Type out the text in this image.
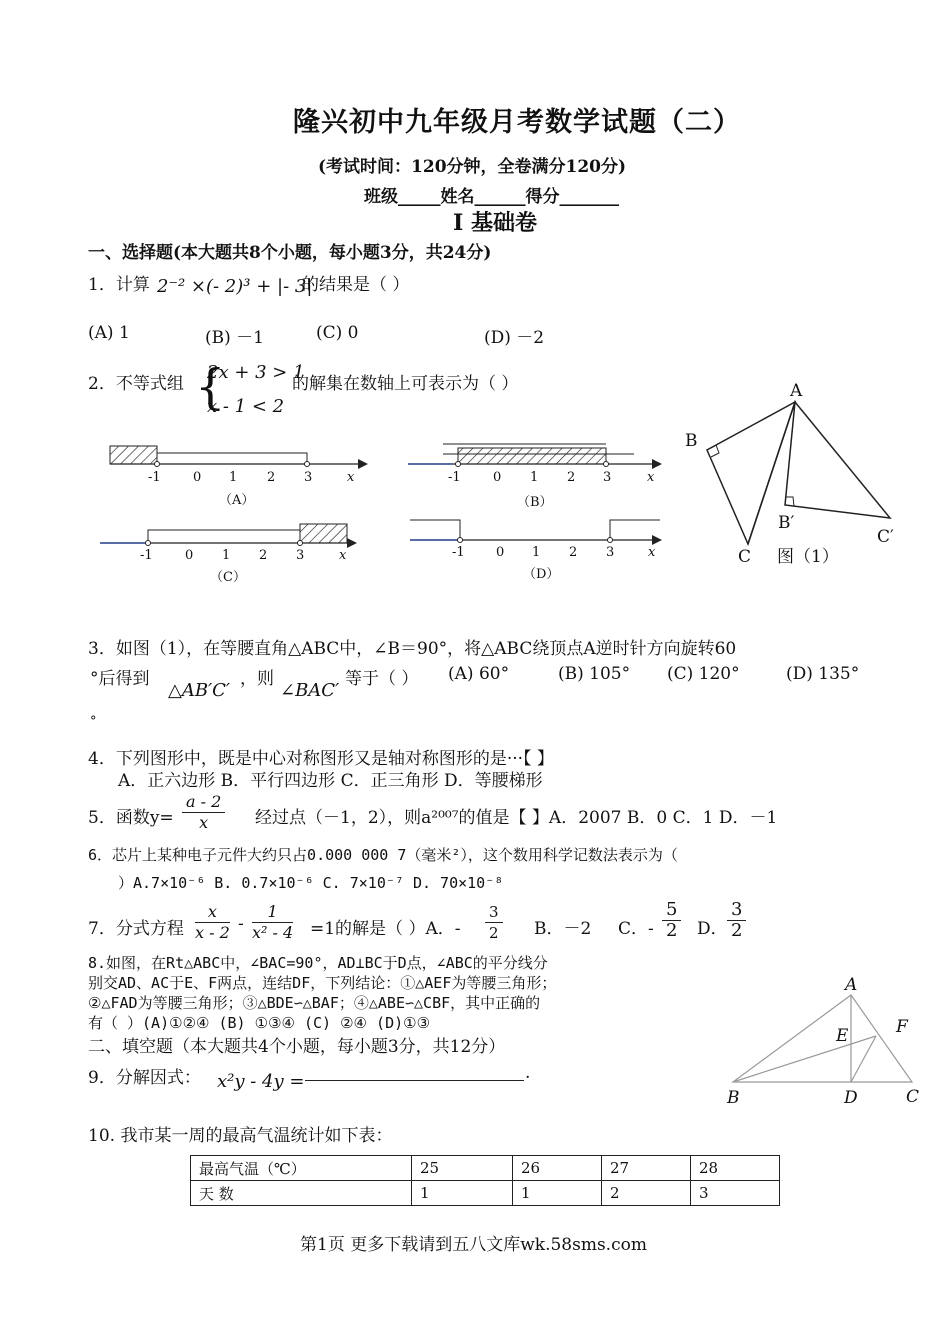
隆兴初中九年级月考数学试题（二）
(考试时间：120分钟，全卷满分120分)
班级_____姓名______得分_______
I 基础卷
一、选择题(本大题共8个小题，每小题3分，共24分)
1．计算 2⁻² ×(- 2)³ + |- 3|
的结果是（ ）
(A) 1	(B) －1	(C) 0	(D) －2
2．不等式组 {
2x + 3 > 1
x - 1 < 2
的解集在数轴上可表示为（ ）
-1 0 1 2 3	x
（A）
-1 0 1 2 3	x
（B）
-1 0 1 2 3	x
（C）
-1 0 1 2 3	x
（D）
A
B
B′
C
C′
图（1）
3．如图（1），在等腰直角△ABC中，∠B＝90°，将△ABC绕顶点A逆时针方向旋转60
°后得到
△AB′C′
，则
∠BAC′
等于（ ） (A) 60°	(B) 105° (C) 120°	(D) 135°
°
4．下列图形中，既是中心对称图形又是轴对称图形的是···【 】
A．正六边形 B．平行四边形 C．正三角形 D．等腰梯形
5．函数$y= \frac{a - 2}{x}$ 经过点（－1，2），则a²⁰⁰⁷的值是【 】A．2007 B．0 C．1 D．－1
6．芯片上某种电子元件大约只占0.000 000 7（毫米²），这个数用科学记数法表示为（
）A.7×10⁻⁶ B. 0.7×10⁻⁶ C. 7×10⁻⁷ D. 70×10⁻⁸
7．分式方程 $\frac{x}{x - 2} - \frac{1}{\text{x² - 4}} =1$的解是（ ）A．- $\frac{3}{2}$ B．－2 C．- $\frac{5}{2}$ D． $\frac{3}{2}$
8.如图，在Rt△ABC中，∠BAC=90°，AD⊥BC于D点，∠ABC的平分线分
别交AD、AC于E、F两点，连结DF，下列结论：①△AEF为等腰三角形；
②△FAD为等腰三角形；③△BDE∽△BAF；④△ABE∽△CBF，其中正确的
有（ ）(A)①②④ (B) ①③④ (C) ②④ (D)①③
A
E	F
B	D	C
二、填空题（本大题共4个小题，每小题3分，共12分）
9．分解因式： x²y - 4y =	.
10. 我市某一周的最高气温统计如下表：
最高气温（℃）	25	26	27	28
天 数	1	1	2	3
第1页 更多下载请到五八文库wk.58sms.com
